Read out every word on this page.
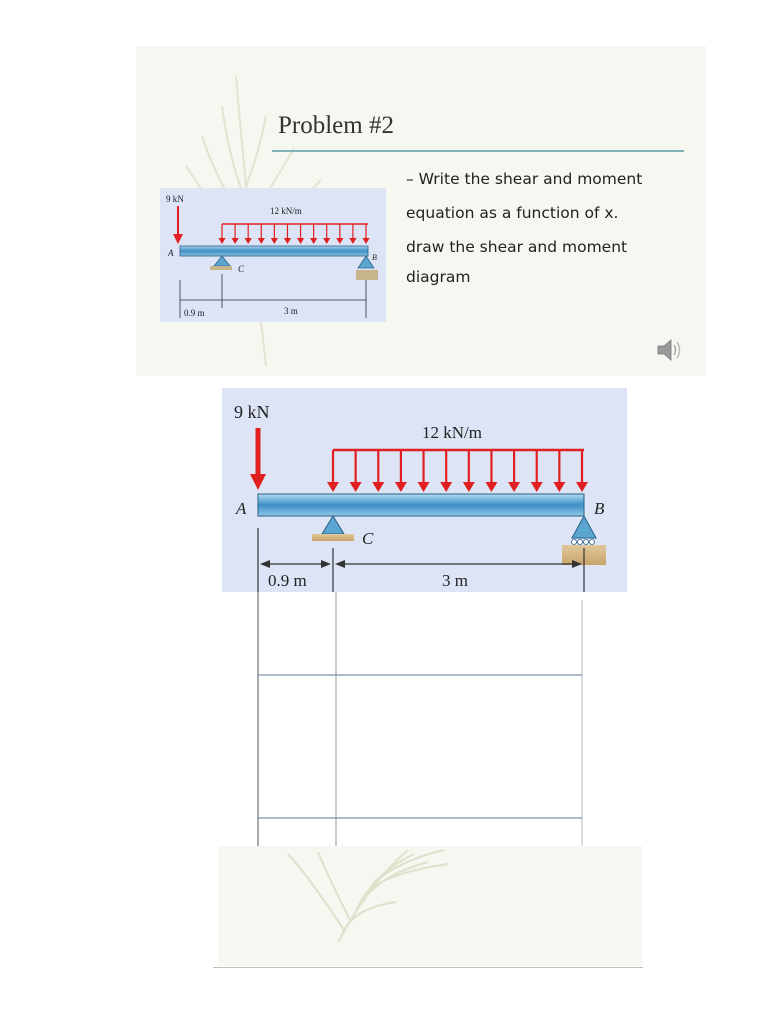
Problem #2
– Write the shear and moment
equation as a function of x.
draw the shear and moment
diagram
9 kN
12 kN/m
A	B
C
0.9 m	3 m
9 kN
12 kN/m
A	B
C
0.9 m	3 m
